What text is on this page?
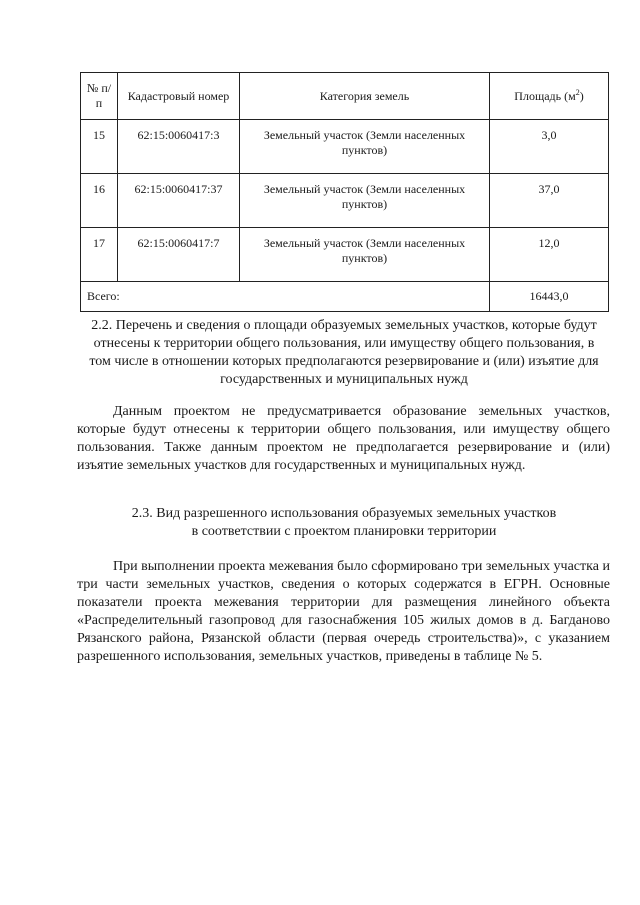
№ п/п	Кадастровый номер	Категория земель	Площадь $(м^2)$
15	62:15:0060417:3	Земельный участок (Земли населенных пунктов)	3,0
16	62:15:0060417:37	Земельный участок (Земли населенных пунктов)	37,0
17	62:15:0060417:7	Земельный участок (Земли населенных пунктов)	12,0
Всего:			16443,0
2.2. Перечень и сведения о площади образуемых земельных участков, которые будут отнесены к территории общего пользования, или имуществу общего пользования, в том числе в отношении которых предполагаются резервирование и (или) изъятие для государственных и муниципальных нужд

Данным проектом не предусматривается образование земельных участков, которые будут отнесены к территории общего пользования, или имуществу общего пользования. Также данным проектом не предполагается резервирование и (или) изъятие земельных участков для государственных и муниципальных нужд.

2.3. Вид разрешенного использования образуемых земельных участков
в соответствии с проектом планировки территории

При выполнении проекта межевания было сформировано три земельных участка и три части земельных участков, сведения о которых содержатся в ЕГРН. Основные показатели проекта межевания территории для размещения линейного объекта «Распределительный газопровод для газоснабжения 105 жилых домов в д. Багданово Рязанского района, Рязанской области (первая очередь строительства)», с указанием разрешенного использования, земельных участков, приведены в таблице № 5.
